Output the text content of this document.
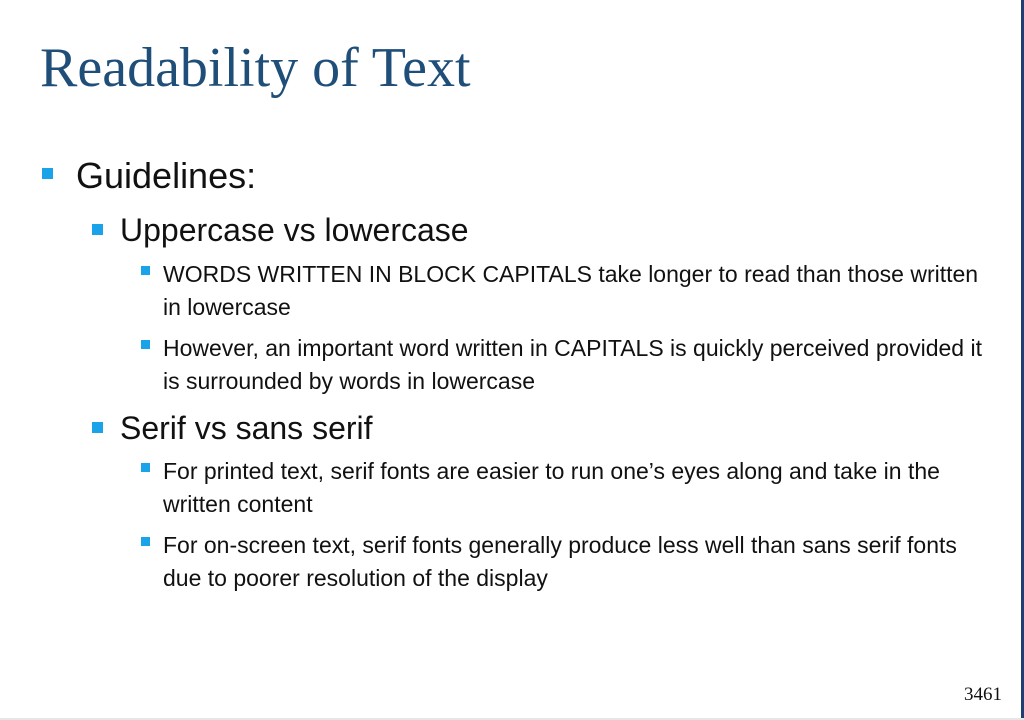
Readability of Text
Guidelines:
Uppercase vs lowercase
WORDS WRITTEN IN BLOCK CAPITALS take longer to read than those written in lowercase
However, an important word written in CAPITALS is quickly perceived provided it is surrounded by words in lowercase
Serif vs sans serif
For printed text, serif fonts are easier to run one’s eyes along and take in the written content
For on-screen text, serif fonts generally produce less well than sans serif fonts due to poorer resolution of the display
3461
